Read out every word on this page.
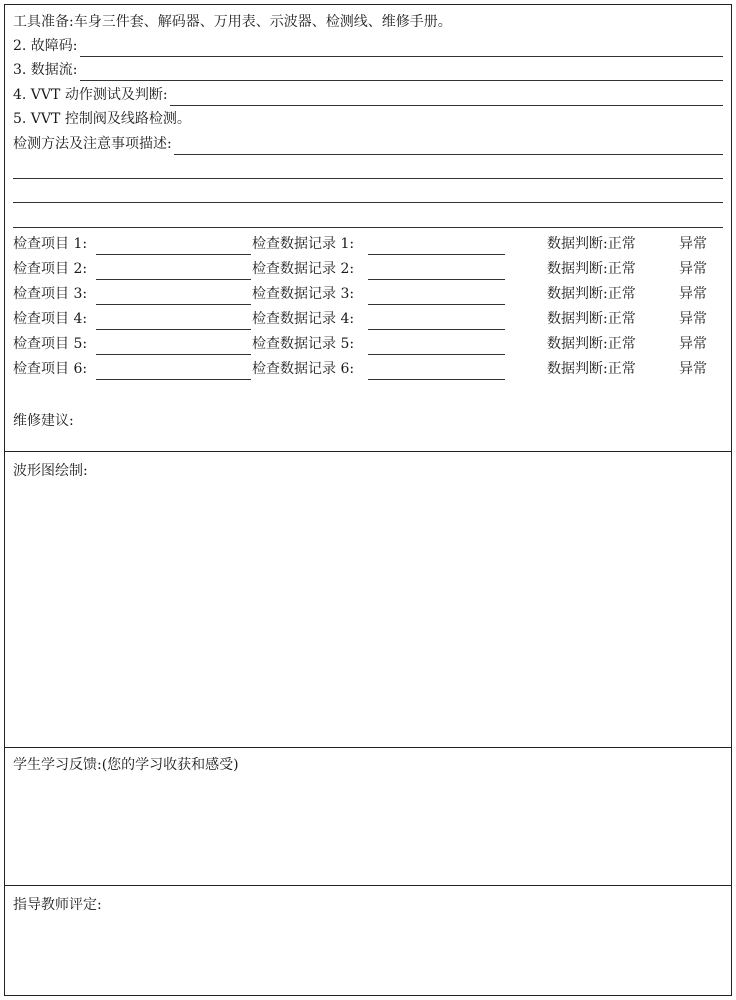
工具准备:车身三件套、解码器、万用表、示波器、检测线、维修手册。
2. 故障码:
3. 数据流:
4. VVT 动作测试及判断:
5. VVT 控制阀及线路检测。
检测方法及注意事项描述:
检查项目 1:	检查数据记录 1:	数据判断:正常	异常
检查项目 2:	检查数据记录 2:	数据判断:正常	异常
检查项目 3:	检查数据记录 3:	数据判断:正常	异常
检查项目 4:	检查数据记录 4:	数据判断:正常	异常
检查项目 5:	检查数据记录 5:	数据判断:正常	异常
检查项目 6:	检查数据记录 6:	数据判断:正常	异常
维修建议:
波形图绘制:
学生学习反馈:(您的学习收获和感受)
指导教师评定:
